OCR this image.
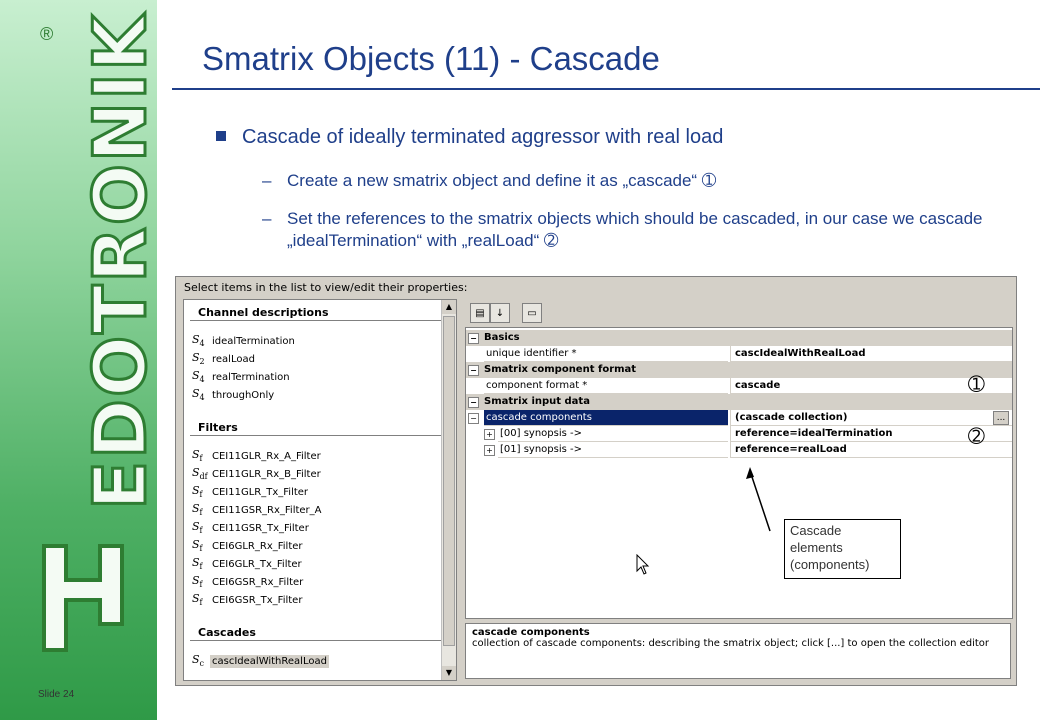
EDOTRONIK
®
Slide 24
Smatrix Objects (11) - Cascade
Cascade of ideally terminated aggressor with real load
– Create a new smatrix object and define it as „cascade“ ➀
– Set the references to the smatrix objects which should be cascaded, in our case we cascade „idealTermination“ with „realLoad“ ➁
Select items in the list to view/edit their properties:
Channel descriptions
$S_4$ idealTermination
$S_2$ realLoad
$S_4$ realTermination
$S_4$ throughOnly
Filters
$S_f$ CEI11GLR_Rx_A_Filter
$S_{df}$ CEI11GLR_Rx_B_Filter
$S_f$ CEI11GLR_Tx_Filter
$S_f$ CEI11GSR_Rx_Filter_A
$S_f$ CEI11GSR_Tx_Filter
$S_f$ CEI6GLR_Rx_Filter
$S_f$ CEI6GLR_Tx_Filter
$S_f$ CEI6GSR_Rx_Filter
$S_f$ CEI6GSR_Tx_Filter
Cascades
$S_c$ cascIdealWithRealLoad
▲
▼
▤	↓	▭
− Basics
unique identifier *	cascIdealWithRealLoad
− Smatrix component format
component format *	cascade
− Smatrix input data
− cascade components	(cascade collection)	...
+ [00] synopsis ->	reference=idealTermination
+ [01] synopsis ->	reference=realLoad
cascade components
collection of cascade components: describing the smatrix object; click [...] to open the collection editor
➀
➁
Cascade elements (components)
